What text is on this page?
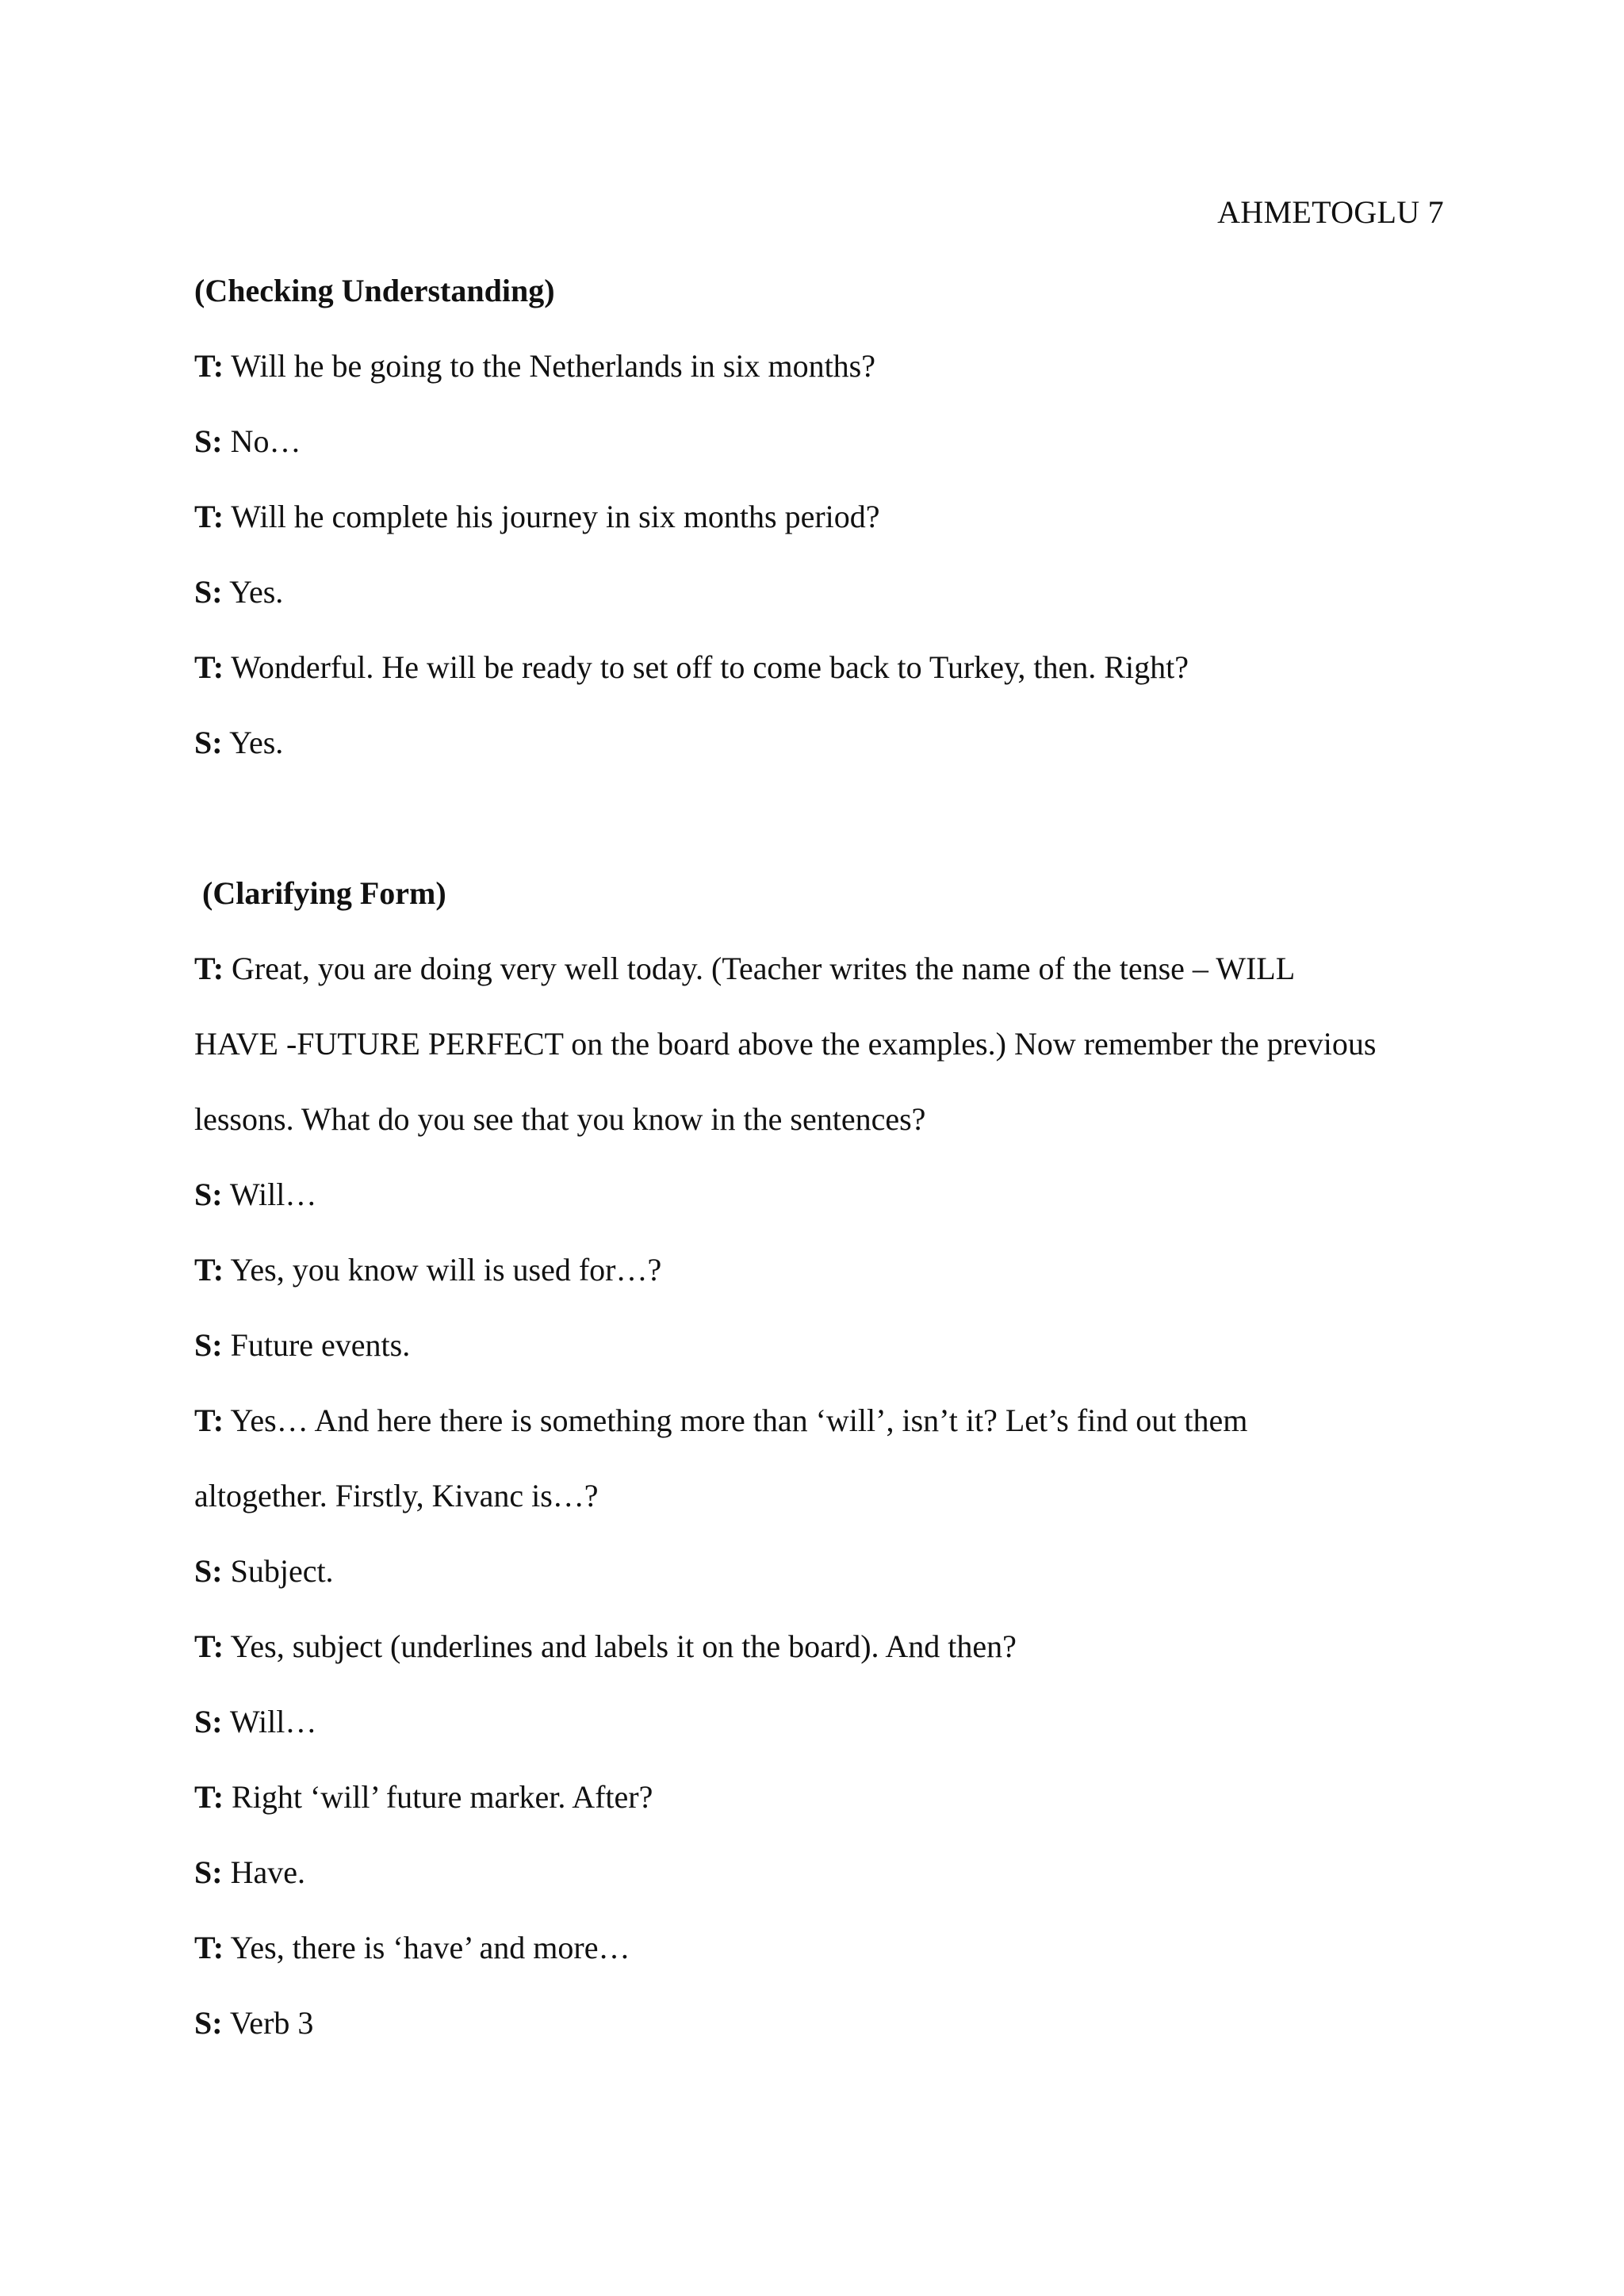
AHMETOGLU 7
(Checking Understanding)
T: Will he be going to the Netherlands in six months?
S: No…
T: Will he complete his journey in six months period?
S: Yes.
T: Wonderful. He will be ready to set off to come back to Turkey, then. Right?
S: Yes.
(Clarifying Form)
T: Great, you are doing very well today. (Teacher writes the name of the tense – WILL
HAVE -FUTURE PERFECT on the board above the examples.) Now remember the previous
lessons. What do you see that you know in the sentences?
S: Will…
T: Yes, you know will is used for…?
S: Future events.
T: Yes… And here there is something more than ‘will’, isn’t it? Let’s find out them
altogether. Firstly, Kivanc is…?
S: Subject.
T: Yes, subject (underlines and labels it on the board). And then?
S: Will…
T: Right ‘will’ future marker. After?
S: Have.
T: Yes, there is ‘have’ and more…
S: Verb 3
